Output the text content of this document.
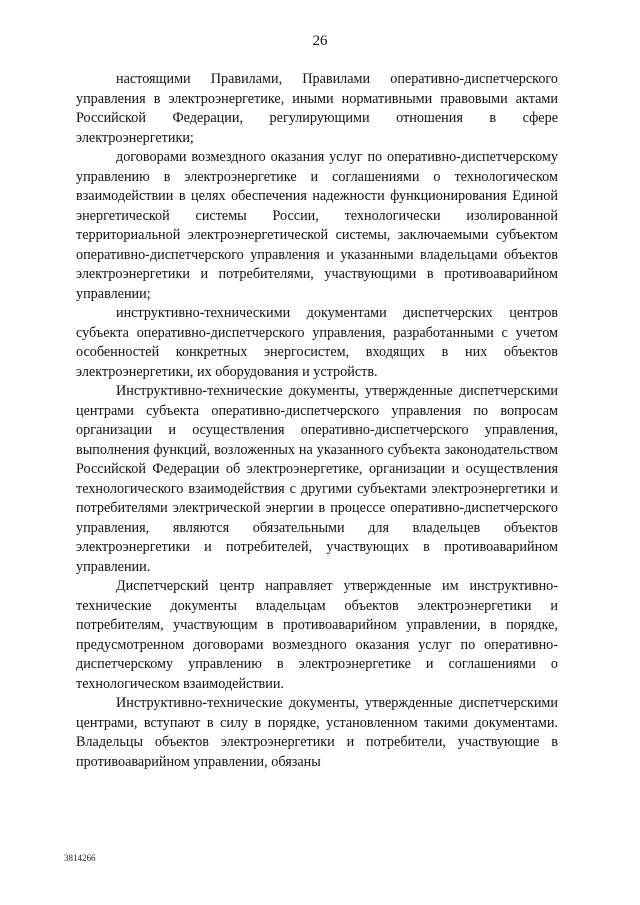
26

настоящими Правилами, Правилами оперативно-диспетчерского управления в электроэнергетике, иными нормативными правовыми актами Российской Федерации, регулирующими отношения в сфере электроэнергетики;

договорами возмездного оказания услуг по оперативно-диспетчерскому управлению в электроэнергетике и соглашениями о технологическом взаимодействии в целях обеспечения надежности функционирования Единой энергетической системы России, технологически изолированной территориальной электроэнергетической системы, заключаемыми субъектом оперативно-диспетчерского управления и указанными владельцами объектов электроэнергетики и потребителями, участвующими в противоаварийном управлении;

инструктивно-техническими документами диспетчерских центров субъекта оперативно-диспетчерского управления, разработанными с учетом особенностей конкретных энергосистем, входящих в них объектов электроэнергетики, их оборудования и устройств.

Инструктивно-технические документы, утвержденные диспетчерскими центрами субъекта оперативно-диспетчерского управления по вопросам организации и осуществления оперативно-диспетчерского управления, выполнения функций, возложенных на указанного субъекта законодательством Российской Федерации об электроэнергетике, организации и осуществления технологического взаимодействия с другими субъектами электроэнергетики и потребителями электрической энергии в процессе оперативно-диспетчерского управления, являются обязательными для владельцев объектов электроэнергетики и потребителей, участвующих в противоаварийном управлении.

Диспетчерский центр направляет утвержденные им инструктивно-технические документы владельцам объектов электроэнергетики и потребителям, участвующим в противоаварийном управлении, в порядке, предусмотренном договорами возмездного оказания услуг по оперативно-диспетчерскому управлению в электроэнергетике и соглашениями о технологическом взаимодействии.

Инструктивно-технические документы, утвержденные диспетчерскими центрами, вступают в силу в порядке, установленном такими документами. Владельцы объектов электроэнергетики и потребители, участвующие в противоаварийном управлении, обязаны

3814266
